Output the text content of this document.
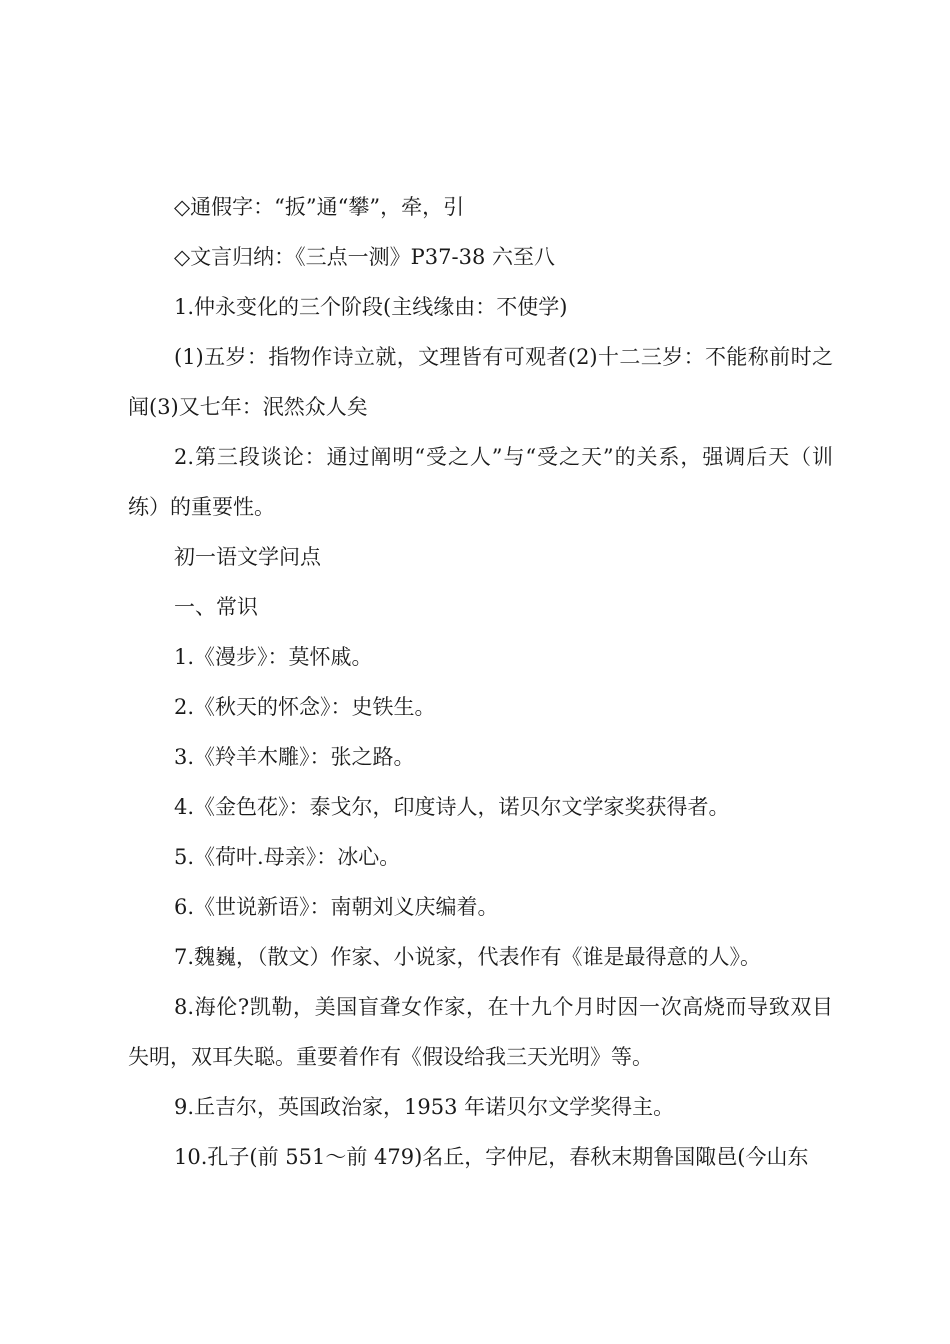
◇通假字：“扳”通“攀”，牵，引

◇文言归纳：《三点一测》P37-38 六至八

1.仲永变化的三个阶段(主线缘由：不使学)

(1)五岁：指物作诗立就，文理皆有可观者(2)十二三岁：不能称前时之闻(3)又七年：泯然众人矣

2.第三段谈论：通过阐明“受之人”与“受之天”的关系，强调后天（训练）的重要性。

初一语文学问点

一、常识

1.《漫步》：莫怀戚。

2.《秋天的怀念》：史铁生。

3.《羚羊木雕》：张之路。

4.《金色花》：泰戈尔，印度诗人，诺贝尔文学家奖获得者。

5.《荷叶.母亲》：冰心。

6.《世说新语》：南朝刘义庆编着。

7.魏巍，（散文）作家、小说家，代表作有《谁是最得意的人》。

8.海伦?凯勒，美国盲聋女作家，在十九个月时因一次高烧而导致双目失明，双耳失聪。重要着作有《假设给我三天光明》等。

9.丘吉尔，英国政治家，1953 年诺贝尔文学奖得主。

10.孔子(前 551～前 479)名丘，字仲尼，春秋末期鲁国陬邑(今山东
